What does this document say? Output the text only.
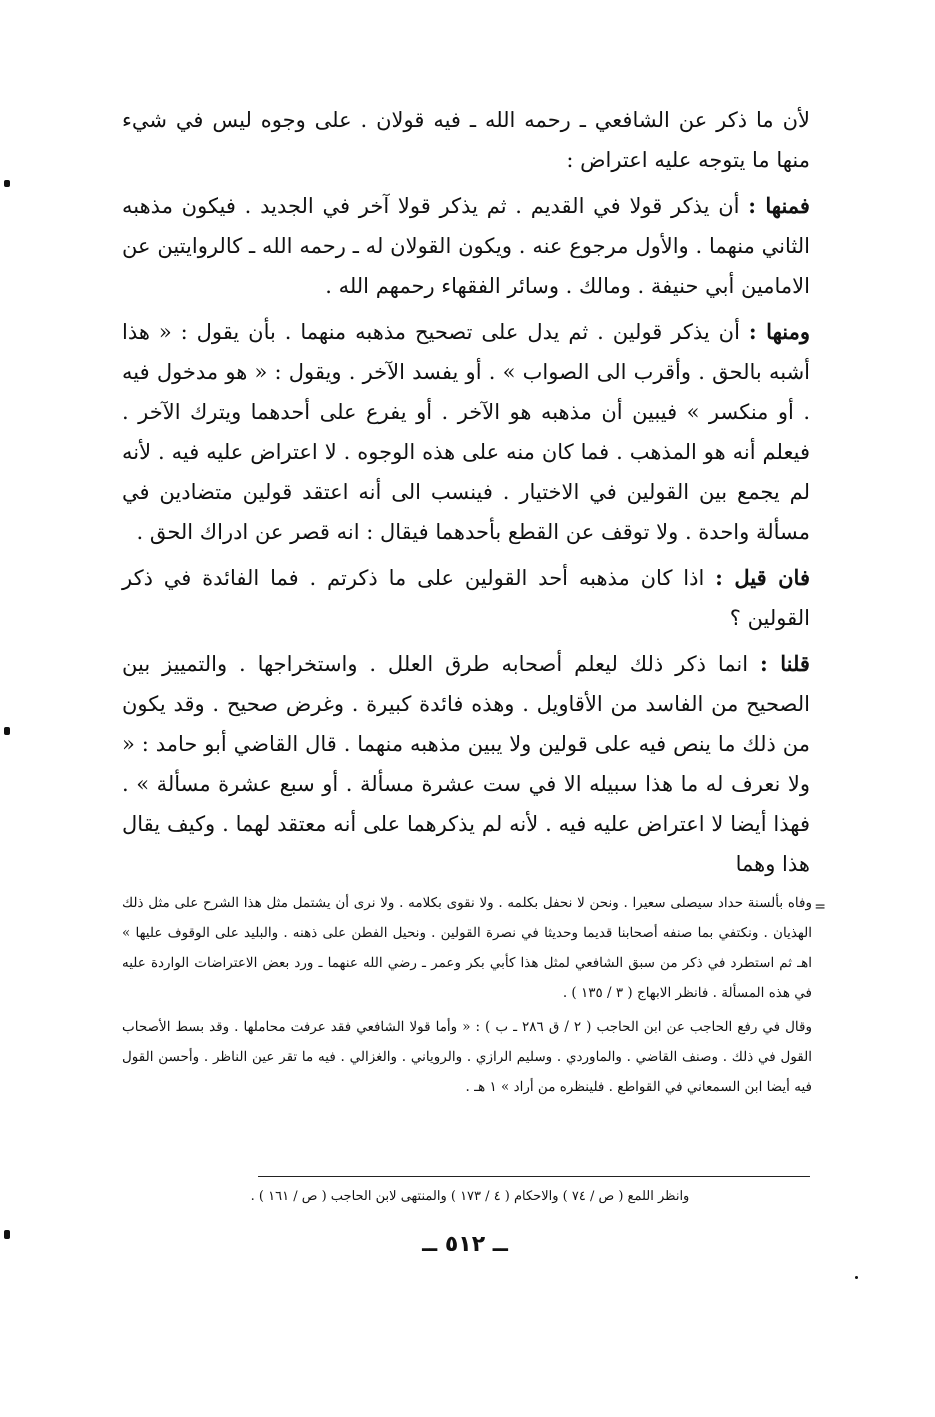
لأن ما ذكر عن الشافعي ـ رحمه الله ـ فيه قولان . على وجوه ليس في شيء منها ما يتوجه عليه اعتراض :

فمنها : أن يذكر قولا في القديم . ثم يذكر قولا آخر في الجديد . فيكون مذهبه الثاني منهما . والأول مرجوع عنه . ويكون القولان له ـ رحمه الله ـ كالروايتين عن الامامين أبي حنيفة . ومالك . وسائر الفقهاء رحمهم الله .

ومنها : أن يذكر قولين . ثم يدل على تصحيح مذهبه منهما . بأن يقول : « هذا أشبه بالحق . وأقرب الى الصواب » . أو يفسد الآخر . ويقول : « هو مدخول فيه . أو منكسر » فيبين أن مذهبه هو الآخر . أو يفرع على أحدهما ويترك الآخر . فيعلم أنه هو المذهب . فما كان منه على هذه الوجوه . لا اعتراض عليه فيه . لأنه لم يجمع بين القولين في الاختيار . فينسب الى أنه اعتقد قولين متضادين في مسألة واحدة . ولا توقف عن القطع بأحدهما فيقال : انه قصر عن ادراك الحق .

فان قيل : اذا كان مذهبه أحد القولين على ما ذكرتم . فما الفائدة في ذكر القولين ؟

قلنا : انما ذكر ذلك ليعلم أصحابه طرق العلل . واستخراجها . والتمييز بين الصحيح من الفاسد من الأقاويل . وهذه فائدة كبيرة . وغرض صحيح . وقد يكون من ذلك ما ينص فيه على قولين ولا يبين مذهبه منهما . قال القاضي أبو حامد : « ولا نعرف له ما هذا سبيله الا في ست عشرة مسألة . أو سبع عشرة مسألة » . فهذا أيضا لا اعتراض عليه فيه . لأنه لم يذكرهما على أنه معتقد لهما . وكيف يقال هذا وهما

=

وفاه بألسنة حداد سيصلى سعيرا . ونحن لا نحفل بكلمه . ولا نقوى بكلامه . ولا نرى أن يشتمل مثل هذا الشرح على مثل ذلك الهذيان . ونكتفي بما صنفه أصحابنا قديما وحديثا في نصرة القولين . ونحيل الفطن على ذهنه . والبليد على الوقوف عليها » اهـ ثم استطرد في ذكر من سبق الشافعي لمثل هذا كأبي بكر وعمر ـ رضي الله عنهما ـ ورد بعض الاعتراضات الواردة عليه في هذه المسألة . فانظر الابهاج ( ٣ / ١٣٥ ) .

وقال في رفع الحاجب عن ابن الحاجب ( ٢ / ق ٢٨٦ ـ ب ) : « وأما قولا الشافعي فقد عرفت محاملها . وقد بسط الأصحاب القول في ذلك . وصنف القاضي . والماوردي . وسليم الرازي . والروياني . والغزالي . فيه ما تقر عين الناظر . وأحسن القول فيه أيضا ابن السمعاني في القواطع . فلينظره من أراد » ١ هـ .

وانظر اللمع ( ص / ٧٤ ) والاحكام ( ٤ / ١٧٣ ) والمنتهى لابن الحاجب ( ص / ١٦١ ) .
ــ ٥١٢ ــ
